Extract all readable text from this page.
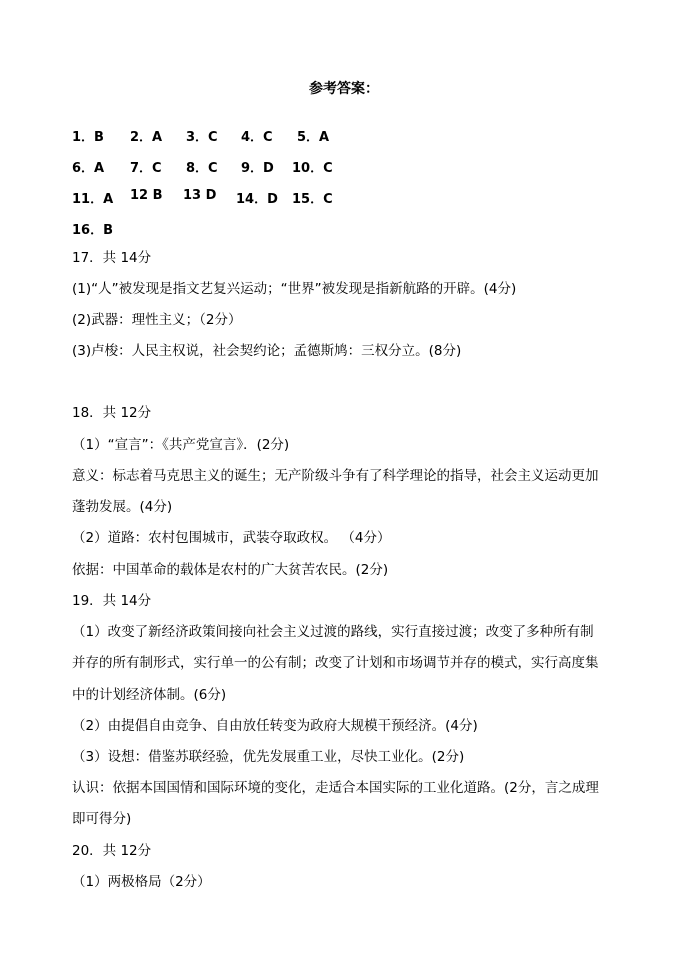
参考答案：
1．B 2．A 3．C 4．C 5．A
6．A 7．C 8．C 9．D 10．C
11．A 12 B 13 D 14．D 15．C
16．B
17．共 14分
(1)“人”被发现是指文艺复兴运动；“世界”被发现是指新航路的开辟。(4分)
(2)武器：理性主义；（2分）
(3)卢梭：人民主权说，社会契约论；孟德斯鸠：三权分立。(8分)
18．共 12分
（1）“宣言”：《共产党宣言》．(2分)
意义：标志着马克思主义的诞生；无产阶级斗争有了科学理论的指导，社会主义运动更加
蓬勃发展。(4分)
（2）道路：农村包围城市，武装夺取政权。 （4分）
依据：中国革命的载体是农村的广大贫苦农民。(2分)
19．共 14分
（1）改变了新经济政策间接向社会主义过渡的路线，实行直接过渡；改变了多种所有制
并存的所有制形式，实行单一的公有制；改变了计划和市场调节并存的模式，实行高度集
中的计划经济体制。(6分)
（2）由提倡自由竞争、自由放任转变为政府大规模干预经济。(4分)
（3）设想：借鉴苏联经验，优先发展重工业，尽快工业化。(2分)
认识：依据本国国情和国际环境的变化，走适合本国实际的工业化道路。(2分，言之成理
即可得分)
20．共 12分
（1）两极格局（2分）
